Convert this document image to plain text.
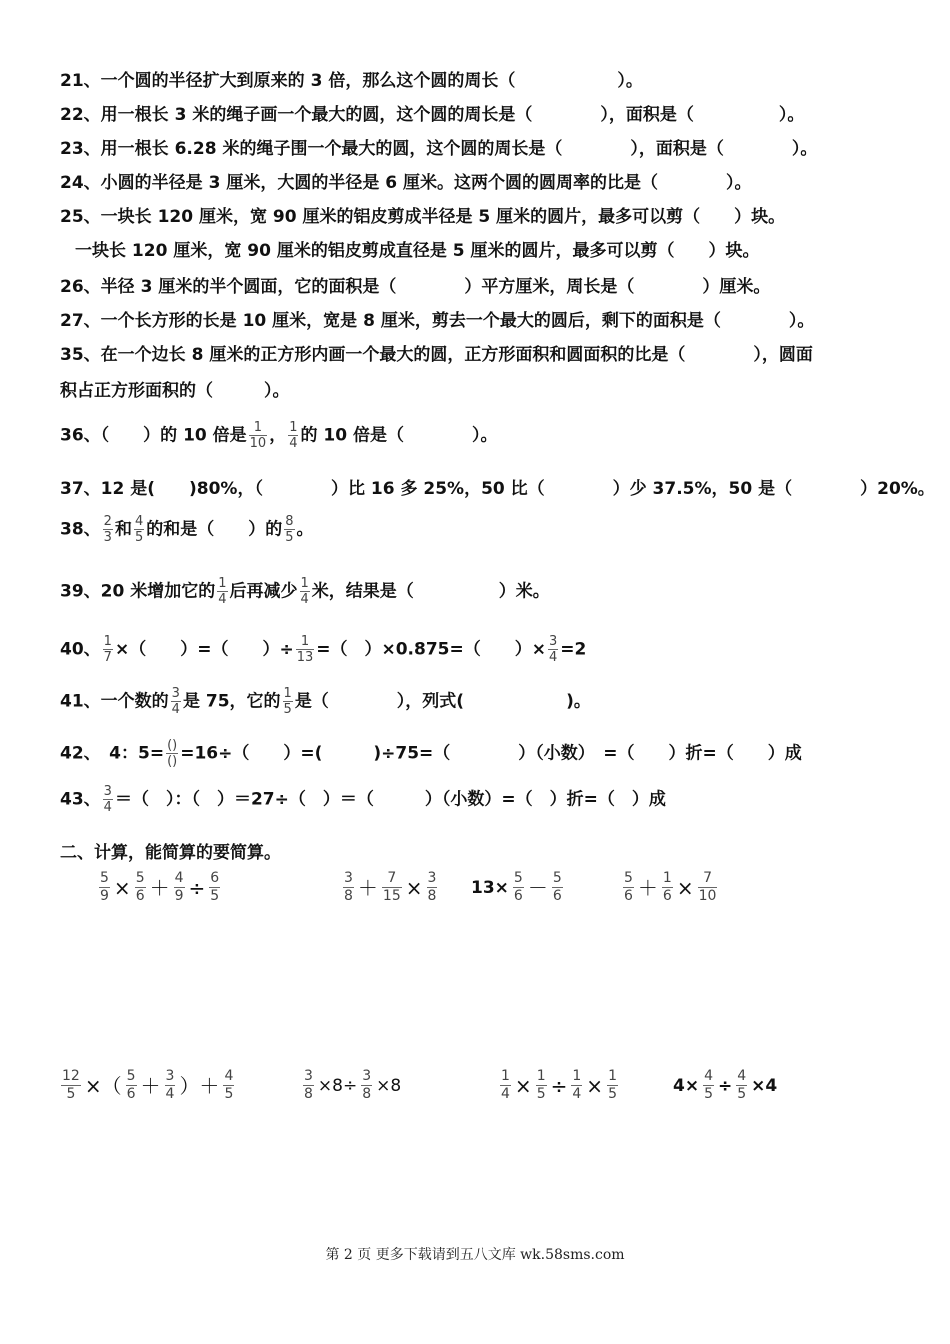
21、一个圆的半径扩大到原来的 3 倍，那么这个圆的周长（　　　　　　）。
22、用一根长 3 米的绳子画一个最大的圆，这个圆的周长是（　　　　），面积是（　　　　　）。
23、用一根长 6.28 米的绳子围一个最大的圆，这个圆的周长是（　　　　），面积是（　　　　）。
24、小圆的半径是 3 厘米，大圆的半径是 6 厘米。这两个圆的圆周率的比是（　　　　）。
25、一块长 120 厘米，宽 90 厘米的铝皮剪成半径是 5 厘米的圆片，最多可以剪（　　）块。
一块长 120 厘米，宽 90 厘米的铝皮剪成直径是 5 厘米的圆片，最多可以剪（　　）块。
26、半径 3 厘米的半个圆面，它的面积是（　　　　）平方厘米，周长是（　　　　）厘米。
27、一个长方形的长是 10 厘米，宽是 8 厘米，剪去一个最大的圆后，剩下的面积是（　　　　）。
35、在一个边长 8 厘米的正方形内画一个最大的圆，正方形面积和圆面积的比是（　　　　），圆面
积占正方形面积的（　　　）。
36、（　　）的 10 倍是 $\frac{1}{10}$ ， $\frac{1}{4}$ 的 10 倍是（　　　　）。
37、12 是(　　)80%，（　　　　）比 16 多 25%，50 比（　　　　）少 37.5%，50 是（　　　　）20%。
38、 $\frac{2}{3}$ 和 $\frac{4}{5}$ 的和是（　　）的 $\frac{8}{5}$ 。
39、20 米增加它的 $\frac{1}{4}$ 后再减少 $\frac{1}{4}$ 米，结果是（　　　　　）米。
40、 $\frac{1}{7}$ ×（　　）=（　　）÷ $\frac{1}{13}$ =（　）×0.875=（　　）× $\frac{3}{4} =2$
41、一个数的 $\frac{3}{4}$ 是 75，它的 $\frac{1}{5}$ 是（　　　　），列式(　　　　　　)。
42、　4：5= ()
() =16÷（　　）=(　　　)÷75=（　　　　）（小数）　=（　　）折=（　　）成
43、 $\frac{3}{4}$ ＝（　）：（　）＝27÷（　）＝（　　　）（小数）=（　）折=（　）成
二、计算，能简算的要简算。
$\frac{5}{9} \times \frac{5}{6} + \frac{4}{9} \div \frac{6}{5}$	$\frac{3}{8} + \frac{7}{15} \times \frac{3}{8} 13\times \frac{5}{6} - \frac{5}{6}$	$\frac{5}{6} + \frac{1}{6} \times \frac{7}{10}$
$\frac{12}{5}$ ×（ $\frac{5}{6} + \frac{3}{4}$ ）＋ $\frac{4}{5}$	$\frac{3}{8} \times 8\div \frac{3}{8} \times 8$	$\frac{1}{4} \times \frac{1}{5} \div \frac{1}{4} \times \frac{1}{5}$	$4\times \frac{4}{5} \div \frac{4}{5} \times 4$
第 2 页 更多下载请到五八文库 wk.58sms.com
